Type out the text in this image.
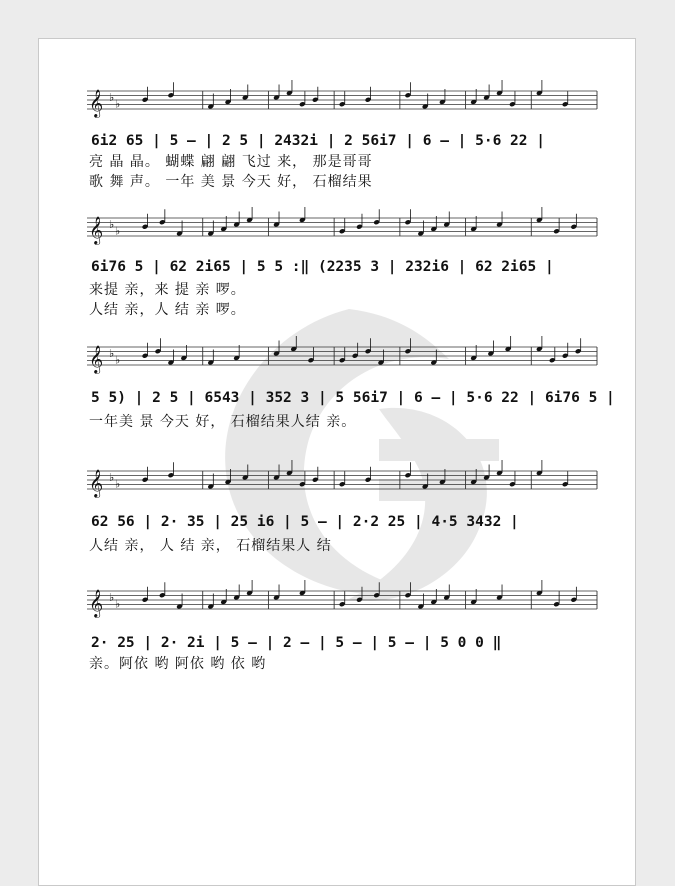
𝄞 ♭
♭
6i2 65 | 5 – | 2 5 | 2432i | 2 56i7 | 6 – | 5·6 22 |
亮 晶 晶。 蝴蝶 翩 翩 飞过 来， 那是哥哥
歌 舞 声。 一年 美 景 今天 好， 石榴结果
𝄞 ♭
♭
6i76 5 | 62 2i65 | 5 5 :‖ (2235 3 | 232i6 | 62 2i65 |
来提 亲，来 提 亲 啰。
人结 亲，人 结 亲 啰。
𝄞 ♭
♭
5 5) | 2 5 | 6543 | 352 3 | 5 56i7 | 6 – | 5·6 22 | 6i76 5 |
一年美 景 今天 好， 石榴结果人结 亲。
𝄞 ♭
♭
62 56 | 2· 35 | 25 i6 | 5 – | 2·2 25 | 4·5 3432 |
人结 亲， 人 结 亲， 石榴结果人 结
𝄞 ♭
♭
2· 25 | 2· 2i | 5 – | 2 – | 5 – | 5 – | 5 0 0 ‖
亲。阿依 哟 阿依 哟 依 哟
